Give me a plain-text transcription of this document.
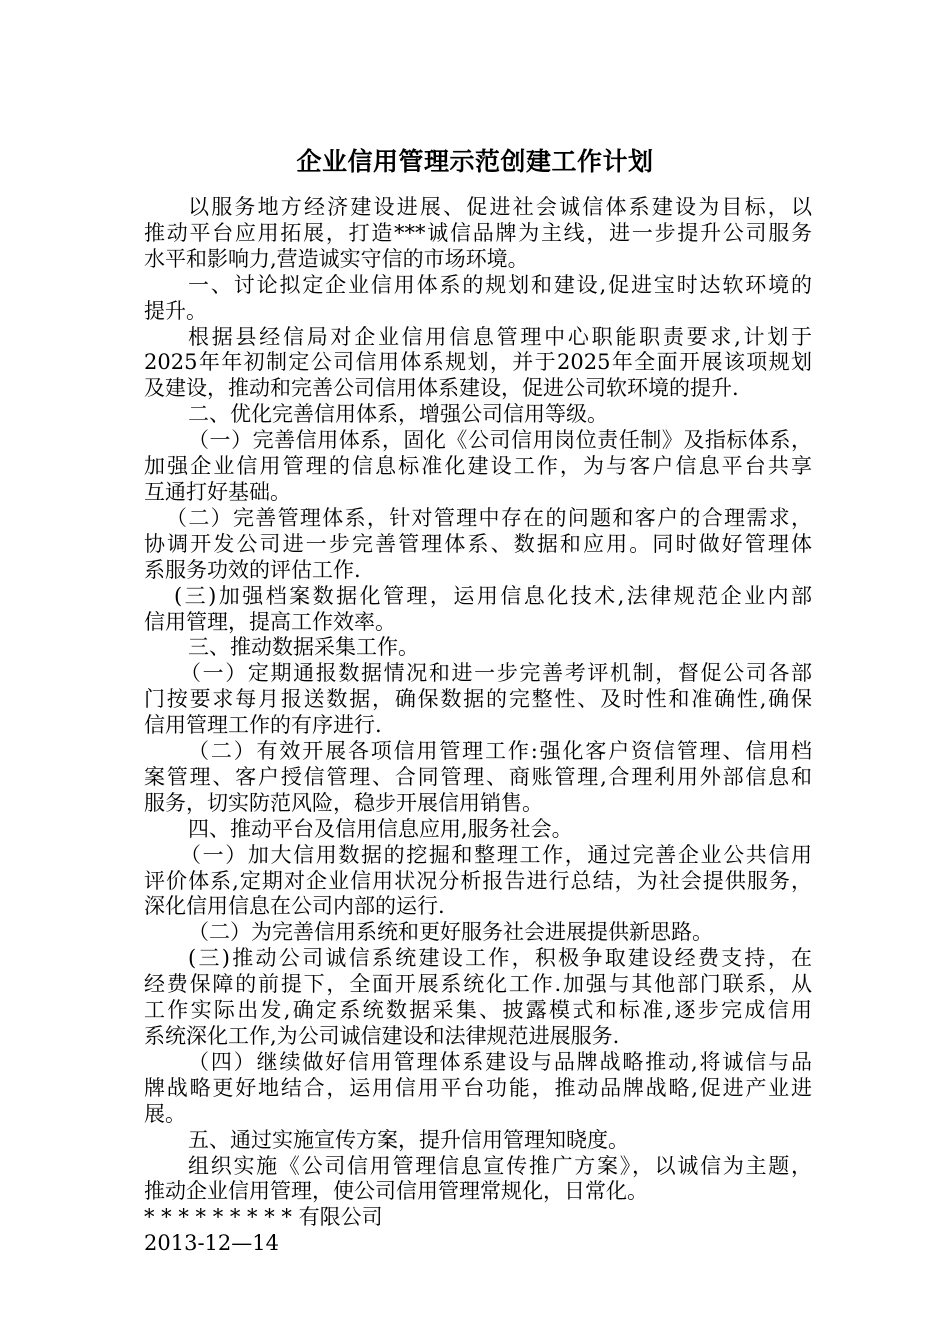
企业信用管理示范创建工作计划

以服务地方经济建设进展、促进社会诚信体系建设为目标，以

推动平台应用拓展，打造***诚信品牌为主线，进一步提升公司服务

水平和影响力,营造诚实守信的市场环境。

一、讨论拟定企业信用体系的规划和建设,促进宝时达软环境的

提升。

根据县经信局对企业信用信息管理中心职能职责要求,计划于

2025年年初制定公司信用体系规划，并于2025年全面开展该项规划

及建设，推动和完善公司信用体系建设，促进公司软环境的提升.

二、优化完善信用体系，增强公司信用等级。

（一）完善信用体系，固化《公司信用岗位责任制》及指标体系，

加强企业信用管理的信息标准化建设工作，为与客户信息平台共享

互通打好基础。

（二）完善管理体系，针对管理中存在的问题和客户的合理需求，

协调开发公司进一步完善管理体系、数据和应用。同时做好管理体

系服务功效的评估工作.

(三)加强档案数据化管理，运用信息化技术,法律规范企业内部

信用管理，提高工作效率。

三、推动数据采集工作。

（一）定期通报数据情况和进一步完善考评机制，督促公司各部

门按要求每月报送数据，确保数据的完整性、及时性和准确性,确保

信用管理工作的有序进行.

（二）有效开展各项信用管理工作:强化客户资信管理、信用档

案管理、客户授信管理、合同管理、商账管理,合理利用外部信息和

服务，切实防范风险，稳步开展信用销售。

四、推动平台及信用信息应用,服务社会。

（一）加大信用数据的挖掘和整理工作，通过完善企业公共信用

评价体系,定期对企业信用状况分析报告进行总结，为社会提供服务，

深化信用信息在公司内部的运行.

（二）为完善信用系统和更好服务社会进展提供新思路。

(三)推动公司诚信系统建设工作，积极争取建设经费支持，在

经费保障的前提下，全面开展系统化工作.加强与其他部门联系，从

工作实际出发,确定系统数据采集、披露模式和标准,逐步完成信用

系统深化工作,为公司诚信建设和法律规范进展服务.

（四）继续做好信用管理体系建设与品牌战略推动,将诚信与品

牌战略更好地结合，运用信用平台功能，推动品牌战略,促进产业进

展。

五、通过实施宣传方案，提升信用管理知晓度。

组织实施《公司信用管理信息宣传推广方案》，以诚信为主题，

推动企业信用管理，使公司信用管理常规化，日常化。

* * * * * * * * * 有限公司

2013-12—14
